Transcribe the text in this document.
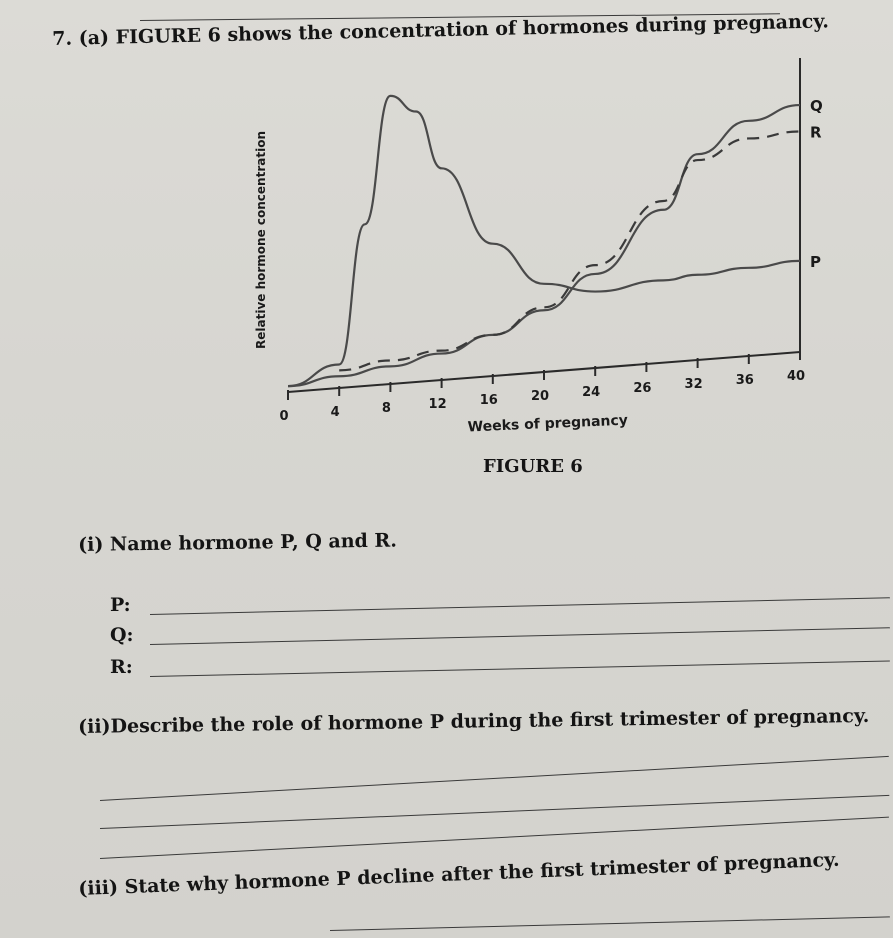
7. (a) FIGURE 6 shows the concentration of hormones during pregnancy.
0	4	8	12	16	20	24	26	32	36	40
Weeks of pregnancy
Relative hormone concentration	P
Q
R
FIGURE 6
(i) Name hormone P, Q and R.
P:
Q:
R:
(ii)Describe the role of hormone P during the first trimester of pregnancy.
(iii) State why hormone P decline after the first trimester of pregnancy.
